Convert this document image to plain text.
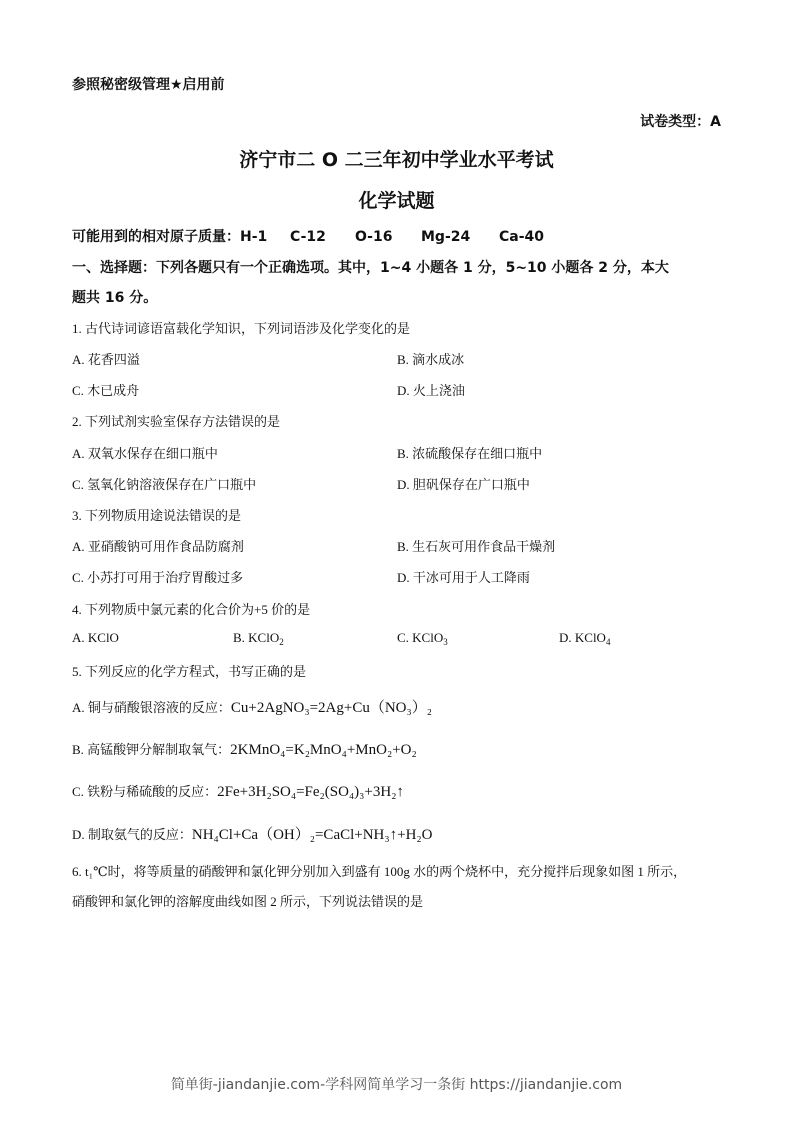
参照秘密级管理★启用前
试卷类型：A
济宁市二 O 二三年初中学业水平考试
化学试题
可能用到的相对原子质量：H-1 C-12 O-16 Mg-24 Ca-40
一、选择题：下列各题只有一个正确选项。其中，1~4 小题各 1 分，5~10 小题各 2 分，本大
题共 16 分。
1. 古代诗词谚语富载化学知识，下列词语涉及化学变化的是
A. 花香四溢	B. 滴水成冰
C. 木已成舟	D. 火上浇油
2. 下列试剂实验室保存方法错误的是
A. 双氧水保存在细口瓶中	B. 浓硫酸保存在细口瓶中
C. 氢氧化钠溶液保存在广口瓶中	D. 胆矾保存在广口瓶中
3. 下列物质用途说法错误的是
A. 亚硝酸钠可用作食品防腐剂	B. 生石灰可用作食品干燥剂
C. 小苏打可用于治疗胃酸过多	D. 干冰可用于人工降雨
4. 下列物质中氯元素的化合价为+5 价的是
A. KClO	B. KClO$_2$	C. KClO$_3$	D. KClO$_4$
5. 下列反应的化学方程式，书写正确的是
A. 铜与硝酸银溶液的反应：Cu+2AgNO₃=2Ag+Cu（NO₃）₂
B. 高锰酸钾分解制取氧气：2KMnO₄=K₂MnO₄+MnO₂+O₂
C. 铁粉与稀硫酸的反应：2Fe+3H₂SO₄=Fe₂(SO₄)₃+3H₂↑
D. 制取氨气的反应：NH₄Cl+Ca（OH）₂=CaCl+NH₃↑+H₂O
6. t₁℃时，将等质量的硝酸钾和氯化钾分别加入到盛有 100g 水的两个烧杯中，充分搅拌后现象如图 1 所示，
硝酸钾和氯化钾的溶解度曲线如图 2 所示，下列说法错误的是
简单街-jiandanjie.com-学科网简单学习一条街 https://jiandanjie.com
